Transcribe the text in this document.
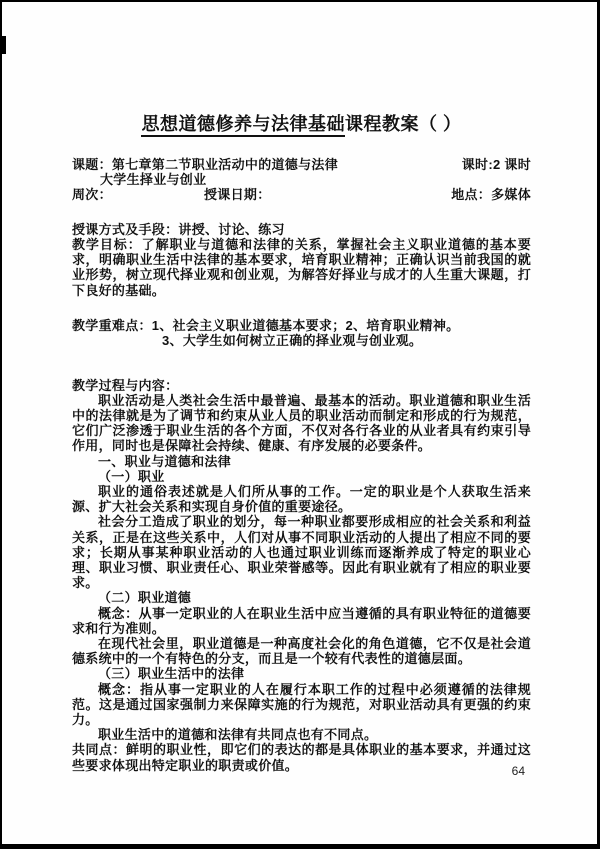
思想道德修养与法律基础课程教案（ ）
课题：第七章第二节职业活动中的道德与法律	课时:2 课时
大学生择业与创业
周次：	授课日期：	地点：多媒体

授课方式及手段：讲授、讨论、练习

教学目标：了解职业与道德和法律的关系，掌握社会主义职业道德的基本要求，明确职业生活中法律的基本要求，培育职业精神；正确认识当前我国的就业形势，树立现代择业观和创业观，为解答好择业与成才的人生重大课题，打下良好的基础。

教学重难点：1、社会主义职业道德基本要求；2、培育职业精神。

3、大学生如何树立正确的择业观与创业观。

教学过程与内容：

职业活动是人类社会生活中最普遍、最基本的活动。职业道德和职业生活中的法律就是为了调节和约束从业人员的职业活动而制定和形成的行为规范，它们广泛渗透于职业生活的各个方面，不仅对各行各业的从业者具有约束引导作用，同时也是保障社会持续、健康、有序发展的必要条件。

一、职业与道德和法律

（一）职业

职业的通俗表述就是人们所从事的工作。一定的职业是个人获取生活来源、扩大社会关系和实现自身价值的重要途径。

社会分工造成了职业的划分，每一种职业都要形成相应的社会关系和利益关系，正是在这些关系中，人们对从事不同职业活动的人提出了相应不同的要求；长期从事某种职业活动的人也通过职业训练而逐渐养成了特定的职业心理、职业习惯、职业责任心、职业荣誉感等。因此有职业就有了相应的职业要求。

（二）职业道德

概念：从事一定职业的人在职业生活中应当遵循的具有职业特征的道德要求和行为准则。

在现代社会里，职业道德是一种高度社会化的角色道德，它不仅是社会道德系统中的一个有特色的分支，而且是一个较有代表性的道德层面。

（三）职业生活中的法律

概念：指从事一定职业的人在履行本职工作的过程中必须遵循的法律规范。这是通过国家强制力来保障实施的行为规范，对职业活动具有更强的约束力。

职业生活中的道德和法律有共同点也有不同点。

共同点：鲜明的职业性，即它们的表达的都是具体职业的基本要求，并通过这些要求体现出特定职业的职责或价值。	64
